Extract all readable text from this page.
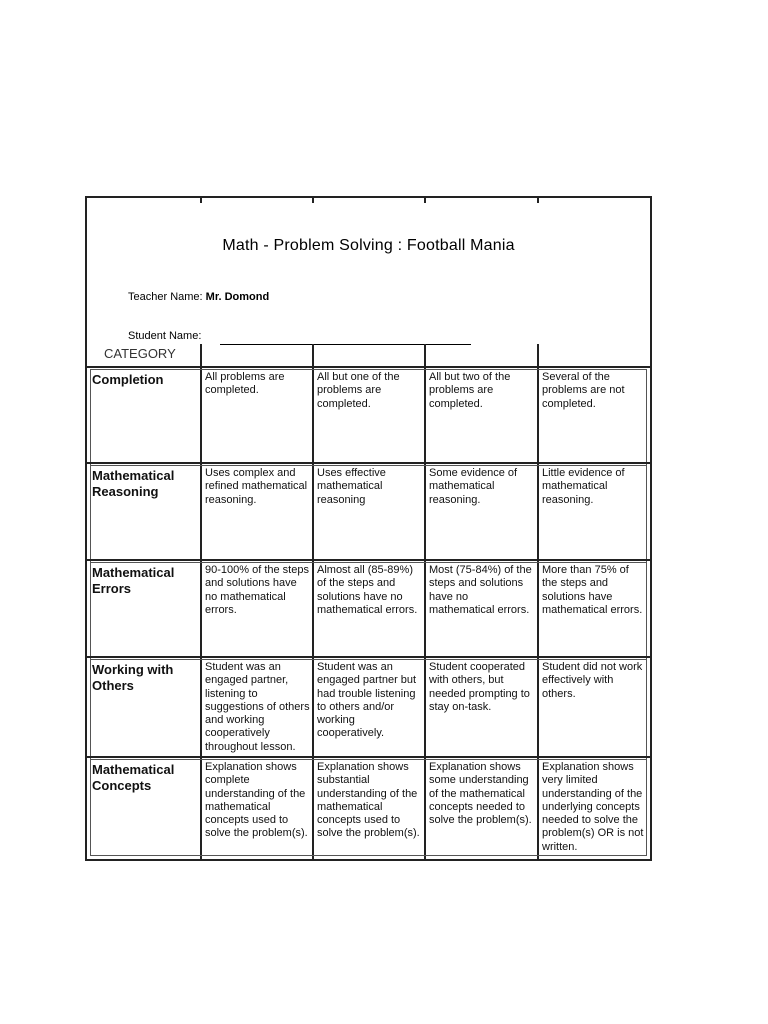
Math - Problem Solving : Football Mania
Teacher Name: Mr. Domond
Student Name:
CATEGORY
Completion	All problems are completed.
All but one of the problems are completed.
All but two of the problems are completed.
Several of the problems are not completed.
Mathematical Reasoning
Uses complex and refined mathematical reasoning.
Uses effective mathematical reasoning
Some evidence of mathematical reasoning.
Little evidence of mathematical reasoning.
Mathematical Errors
90-100% of the steps and solutions have no mathematical errors.
Almost all (85-89%) of the steps and solutions have no mathematical errors.
Most (75-84%) of the steps and solutions have no mathematical errors.
More than 75% of the steps and solutions have mathematical errors.
Working with Others
Student was an engaged partner, listening to suggestions of others and working cooperatively throughout lesson.
Student was an engaged partner but had trouble listening to others and/or working cooperatively.
Student cooperated with others, but needed prompting to stay on-task.
Student did not work effectively with others.
Mathematical Concepts
Explanation shows complete understanding of the mathematical concepts used to solve the problem(s).
Explanation shows substantial understanding of the mathematical concepts used to solve the problem(s).
Explanation shows some understanding of the mathematical concepts needed to solve the problem(s).
Explanation shows very limited understanding of the underlying concepts needed to solve the problem(s) OR is not written.
